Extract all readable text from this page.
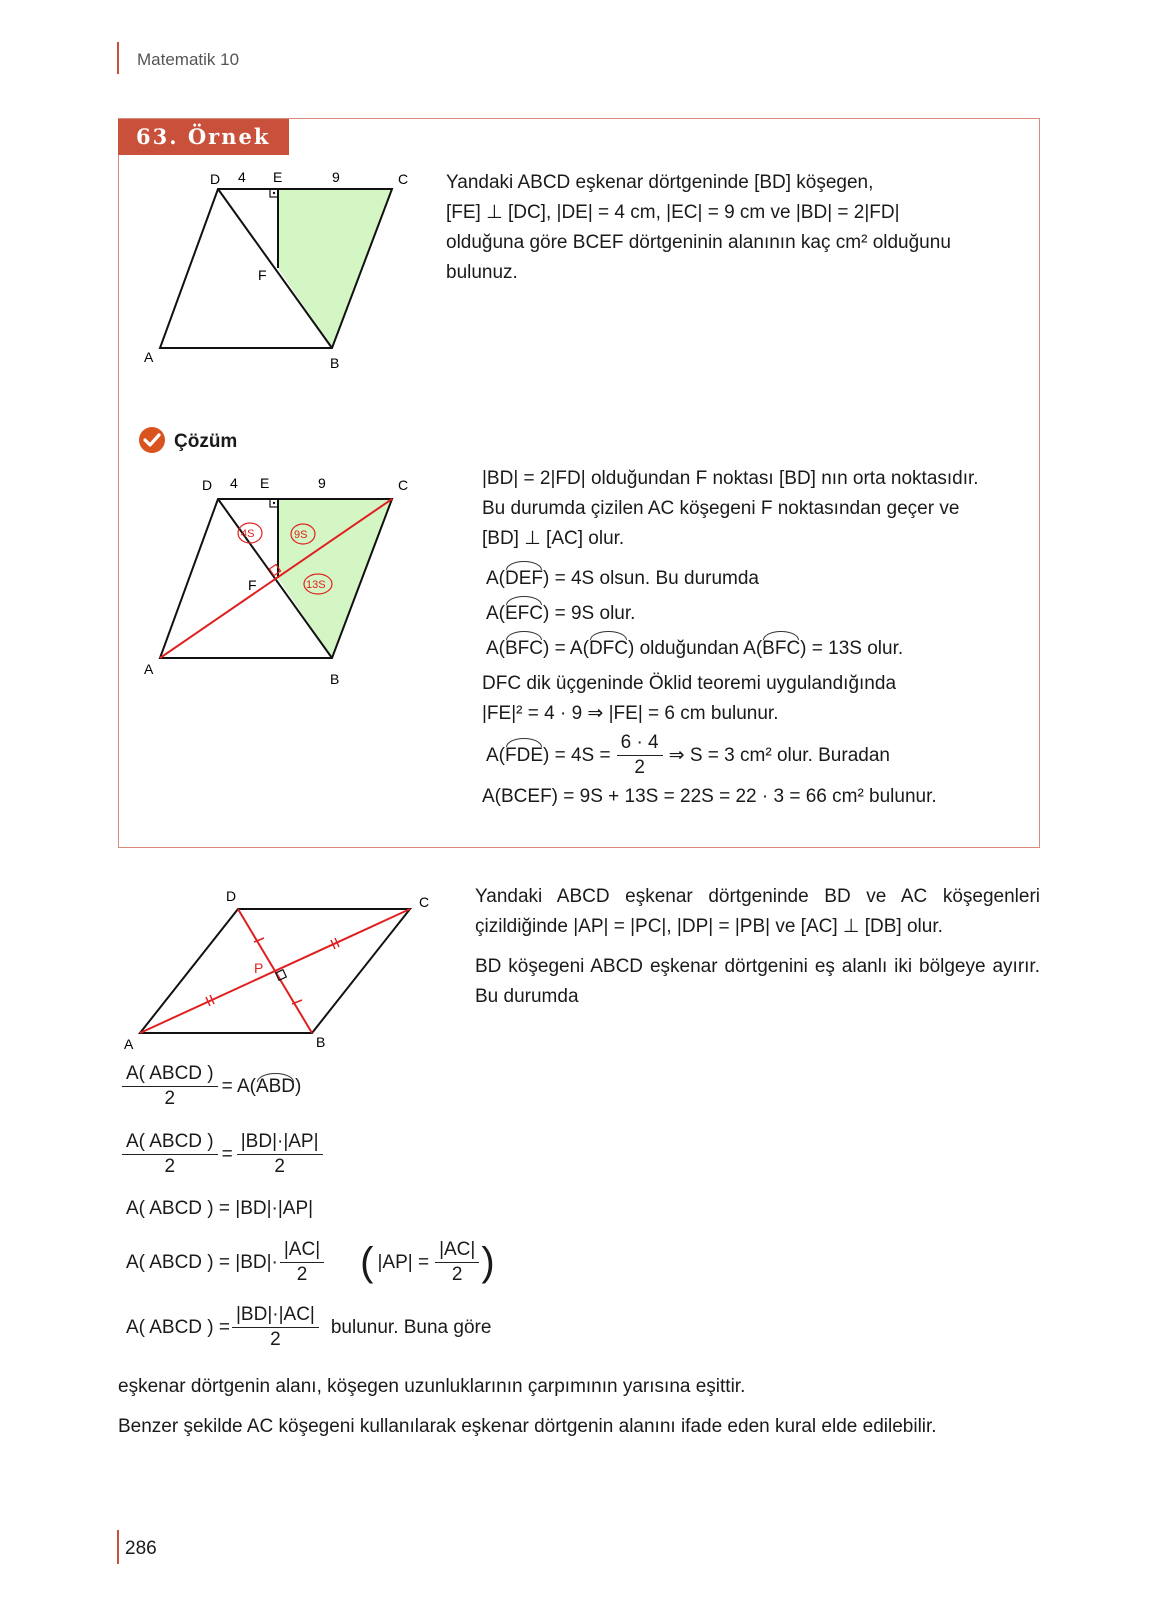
Matematik 10
63. Örnek
D 4 E	9	C
F
A	B
Yandaki ABCD eşkenar dörtgeninde [BD] köşegen,
[FE] ⊥ [DC], |DE| = 4 cm, |EC| = 9 cm ve |BD| = 2|FD|
olduğuna göre BCEF dörtgeninin alanının kaç cm² olduğunu
bulunuz.
Çözüm
4S	9S
13S
D 4 E	9	C
F
A
B
|BD| = 2|FD| olduğundan F noktası [BD] nın orta noktasıdır.
Bu durumda çizilen AC köşegeni F noktasından geçer ve
[BD] ⊥ [AC] olur.
A(DEF) = 4S olsun. Bu durumda
A(EFC) = 9S olur.
A(BFC) = A(DFC) olduğundan A(BFC) = 13S olur.
DFC dik üçgeninde Öklid teoremi uygulandığında
|FE|² = 4 · 9 ⇒ |FE| = 6 cm bulunur.
A( FDE ) = $4S = \frac{6 \cdot 4}{2}$ ⇒ S = 3 cm² olur. Buradan
A(BCEF) = 9S + 13S = 22S = 22 · 3 = 66 cm² bulunur.
D	C
P
A	B
Yandaki ABCD eşkenar dörtgeninde BD ve AC köşegenleri çizildiğinde |AP| = |PC|, |DP| = |PB| ve [AC] ⊥ [DB] olur.
BD köşegeni ABCD eşkenar dörtgenini eş alanlı iki bölgeye ayırır. Bu durumda
$\frac{\text{A( ABCD )}}{2} = A$( ABD )
$\frac{\text{A( ABCD )}}{2} = \frac{|BD|\cdot|AP|}{2}$
A( ABCD ) = |BD|·|AP|
A( ABCD ) = $|BD|\cdot \frac{|AC|}{2}$ ( $|AP| = \frac{|AC|}{2}$ )
A( ABCD ) = $\frac{|BD|\cdot|AC|}{2}$ bulunur. Buna göre
eşkenar dörtgenin alanı, köşegen uzunluklarının çarpımının yarısına eşittir.
Benzer şekilde AC köşegeni kullanılarak eşkenar dörtgenin alanını ifade eden kural elde edilebilir.
286
